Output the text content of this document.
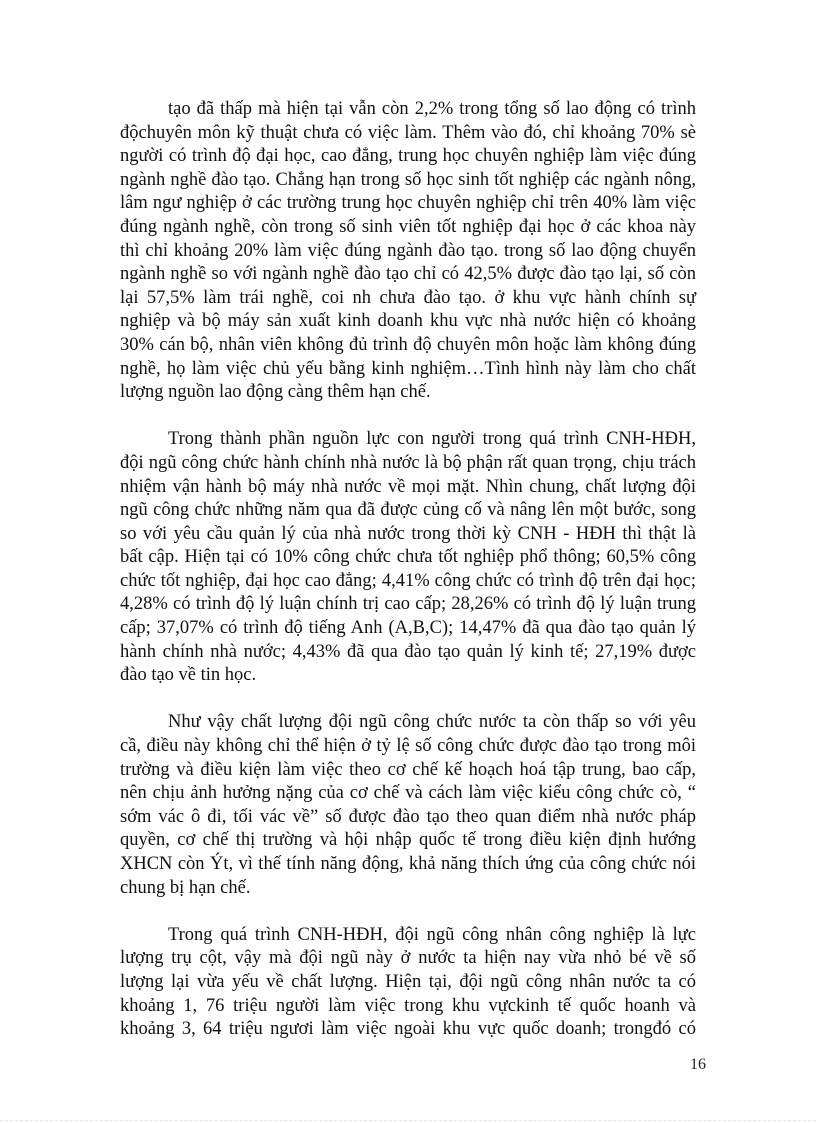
tạo đã thấp mà hiện tại vẫn còn 2,2% trong tổng số lao động có trình
độchuyên môn kỹ thuật chưa có việc làm. Thêm vào đó, chỉ khoảng 70% sè
người có trình độ đại học, cao đẳng, trung học chuyên nghiệp làm việc đúng
ngành nghề đào tạo. Chẳng hạn trong số học sinh tốt nghiệp các ngành nông,
lâm ngư nghiệp ở các trường trung học chuyên nghiệp chỉ trên 40% làm việc
đúng ngành nghề, còn trong số sinh viên tốt nghiệp đại học ở các khoa này
thì chỉ khoảng 20% làm việc đúng ngành đào tạo. trong số lao động chuyển
ngành nghề so với ngành nghề đào tạo chỉ có 42,5% được đào tạo lại, số còn
lại 57,5% làm trái nghề, coi nh chưa đào tạo. ở khu vực hành chính sự
nghiệp và bộ máy sản xuất kinh doanh khu vực nhà nước hiện có khoảng
30% cán bộ, nhân viên không đủ trình độ chuyên môn hoặc làm không đúng
nghề, họ làm việc chủ yếu bằng kinh nghiệm…Tình hình này làm cho chất
lượng nguồn lao động càng thêm hạn chế.
Trong thành phần nguồn lực con người trong quá trình CNH-HĐH,
đội ngũ công chức hành chính nhà nước là bộ phận rất quan trọng, chịu trách
nhiệm vận hành bộ máy nhà nước về mọi mặt. Nhìn chung, chất lượng đội
ngũ công chức những năm qua đã được củng cố và nâng lên một bước, song
so với yêu cầu quản lý của nhà nước trong thời kỳ CNH - HĐH thì thật là
bất cập. Hiện tại có 10% công chức chưa tốt nghiệp phổ thông; 60,5% công
chức tốt nghiệp, đại học cao đẳng; 4,41% công chức có trình độ trên đại học;
4,28% có trình độ lý luận chính trị cao cấp; 28,26% có trình độ lý luận trung
cấp; 37,07% có trình độ tiếng Anh (A,B,C); 14,47% đã qua đào tạo quản lý
hành chính nhà nước; 4,43% đã qua đào tạo quản lý kinh tế; 27,19% được
đào tạo về tin học.
Như vậy chất lượng đội ngũ công chức nước ta còn thấp so với yêu
cầ, điều này không chỉ thể hiện ở tỷ lệ số công chức được đào tạo trong môi
trường và điều kiện làm việc theo cơ chế kế hoạch hoá tập trung, bao cấp,
nên chịu ảnh hưởng nặng của cơ chế và cách làm việc kiểu công chức cò, “
sớm vác ô đi, tối vác về” số được đào tạo theo quan điểm nhà nước pháp
quyền, cơ chế thị trường và hội nhập quốc tế trong điều kiện định hướng
XHCN còn Ýt, vì thế tính năng động, khả năng thích ứng của công chức nói
chung bị hạn chế.
Trong quá trình CNH-HĐH, đội ngũ công nhân công nghiệp là lực
lượng trụ cột, vậy mà đội ngũ này ở nước ta hiện nay vừa nhỏ bé về số
lượng lại vừa yếu về chất lượng. Hiện tại, đội ngũ công nhân nước ta có
khoảng 1, 76 triệu người làm việc trong khu vựckinh tế quốc hoanh và
khoảng 3, 64 triệu ngươi làm việc ngoài khu vực quốc doanh; trongđó có
16
